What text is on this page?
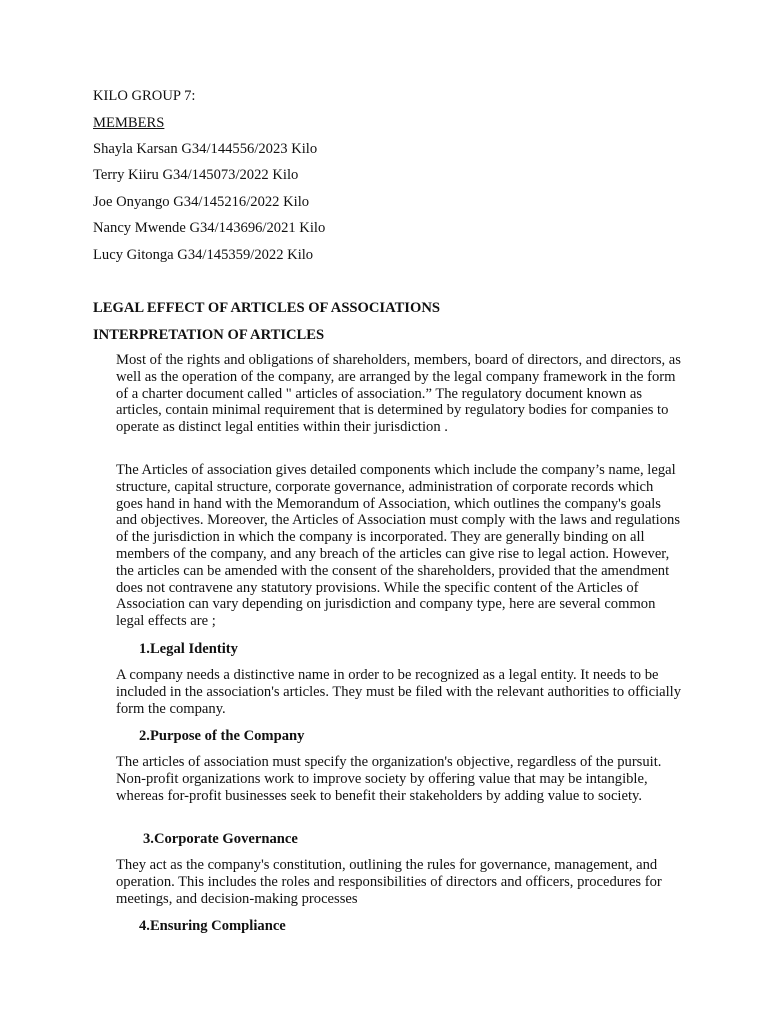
KILO GROUP 7:
MEMBERS
Shayla Karsan G34/144556/2023 Kilo
Terry Kiiru G34/145073/2022 Kilo
Joe Onyango G34/145216/2022 Kilo
Nancy Mwende G34/143696/2021 Kilo
Lucy Gitonga G34/145359/2022 Kilo
LEGAL EFFECT OF ARTICLES OF ASSOCIATIONS
INTERPRETATION OF ARTICLES

Most of the rights and obligations of shareholders, members, board of directors, and directors, as well as the operation of the company, are arranged by the legal company framework in the form of a charter document called " articles of association.” The regulatory document known as articles, contain minimal requirement that is determined by regulatory bodies for companies to operate as distinct legal entities within their jurisdiction .

The Articles of association gives detailed components which include the company’s name, legal structure, capital structure, corporate governance, administration of corporate records which goes hand in hand with the Memorandum of Association, which outlines the company's goals and objectives. Moreover, the Articles of Association must comply with the laws and regulations of the jurisdiction in which the company is incorporated. They are generally binding on all members of the company, and any breach of the articles can give rise to legal action. However, the articles can be amended with the consent of the shareholders, provided that the amendment does not contravene any statutory provisions. While the specific content of the Articles of Association can vary depending on jurisdiction and company type, here are several common legal effects are ;

1.Legal Identity

A company needs a distinctive name in order to be recognized as a legal entity. It needs to be included in the association's articles. They must be filed with the relevant authorities to officially form the company.

2.Purpose of the Company

The articles of association must specify the organization's objective, regardless of the pursuit. Non-profit organizations work to improve society by offering value that may be intangible, whereas for-profit businesses seek to benefit their stakeholders by adding value to society.

3.Corporate Governance

They act as the company's constitution, outlining the rules for governance, management, and operation. This includes the roles and responsibilities of directors and officers, procedures for meetings, and decision-making processes

4.Ensuring Compliance
